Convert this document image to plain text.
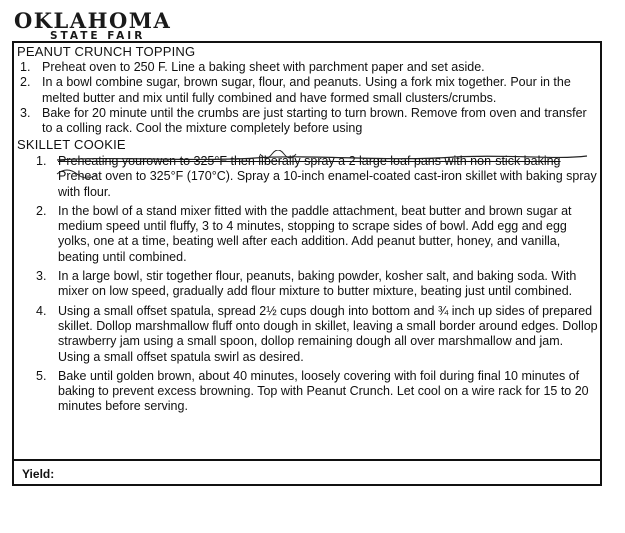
OKLAHOMA
STATE FAIR
PEANUT CRUNCH TOPPING
1. Preheat oven to 250 F. Line a baking sheet with parchment paper and set aside.
2. In a bowl combine sugar, brown sugar, flour, and peanuts. Using a fork mix together. Pour in the melted butter and mix until fully combined and have formed small clusters/crumbs.
3. Bake for 20 minute until the crumbs are just starting to turn brown. Remove from oven and transfer to a colling rack. Cool the mixture completely before using
SKILLET COOKIE
1. Preheating yourowen to 325°F then liberally spray a 2 large loaf pans with non-stick baking Preheat oven to 325°F (170°C). Spray a 10-inch enamel-coated cast-iron skillet with baking spray with flour.
2. In the bowl of a stand mixer fitted with the paddle attachment, beat butter and brown sugar at medium speed until fluffy, 3 to 4 minutes, stopping to scrape sides of bowl. Add egg and egg yolks, one at a time, beating well after each addition. Add peanut butter, honey, and vanilla, beating until combined.
3. In a large bowl, stir together flour, peanuts, baking powder, kosher salt, and baking soda. With mixer on low speed, gradually add flour mixture to butter mixture, beating just until combined.
4. Using a small offset spatula, spread 2½ cups dough into bottom and ¾ inch up sides of prepared skillet. Dollop marshmallow fluff onto dough in skillet, leaving a small border around edges. Dollop strawberry jam using a small spoon, dollop remaining dough all over marshmallow and jam. Using a small offset spatula swirl as desired.
5. Bake until golden brown, about 40 minutes, loosely covering with foil during final 10 minutes of baking to prevent excess browning. Top with Peanut Crunch. Let cool on a wire rack for 15 to 20 minutes before serving.
Yield:
